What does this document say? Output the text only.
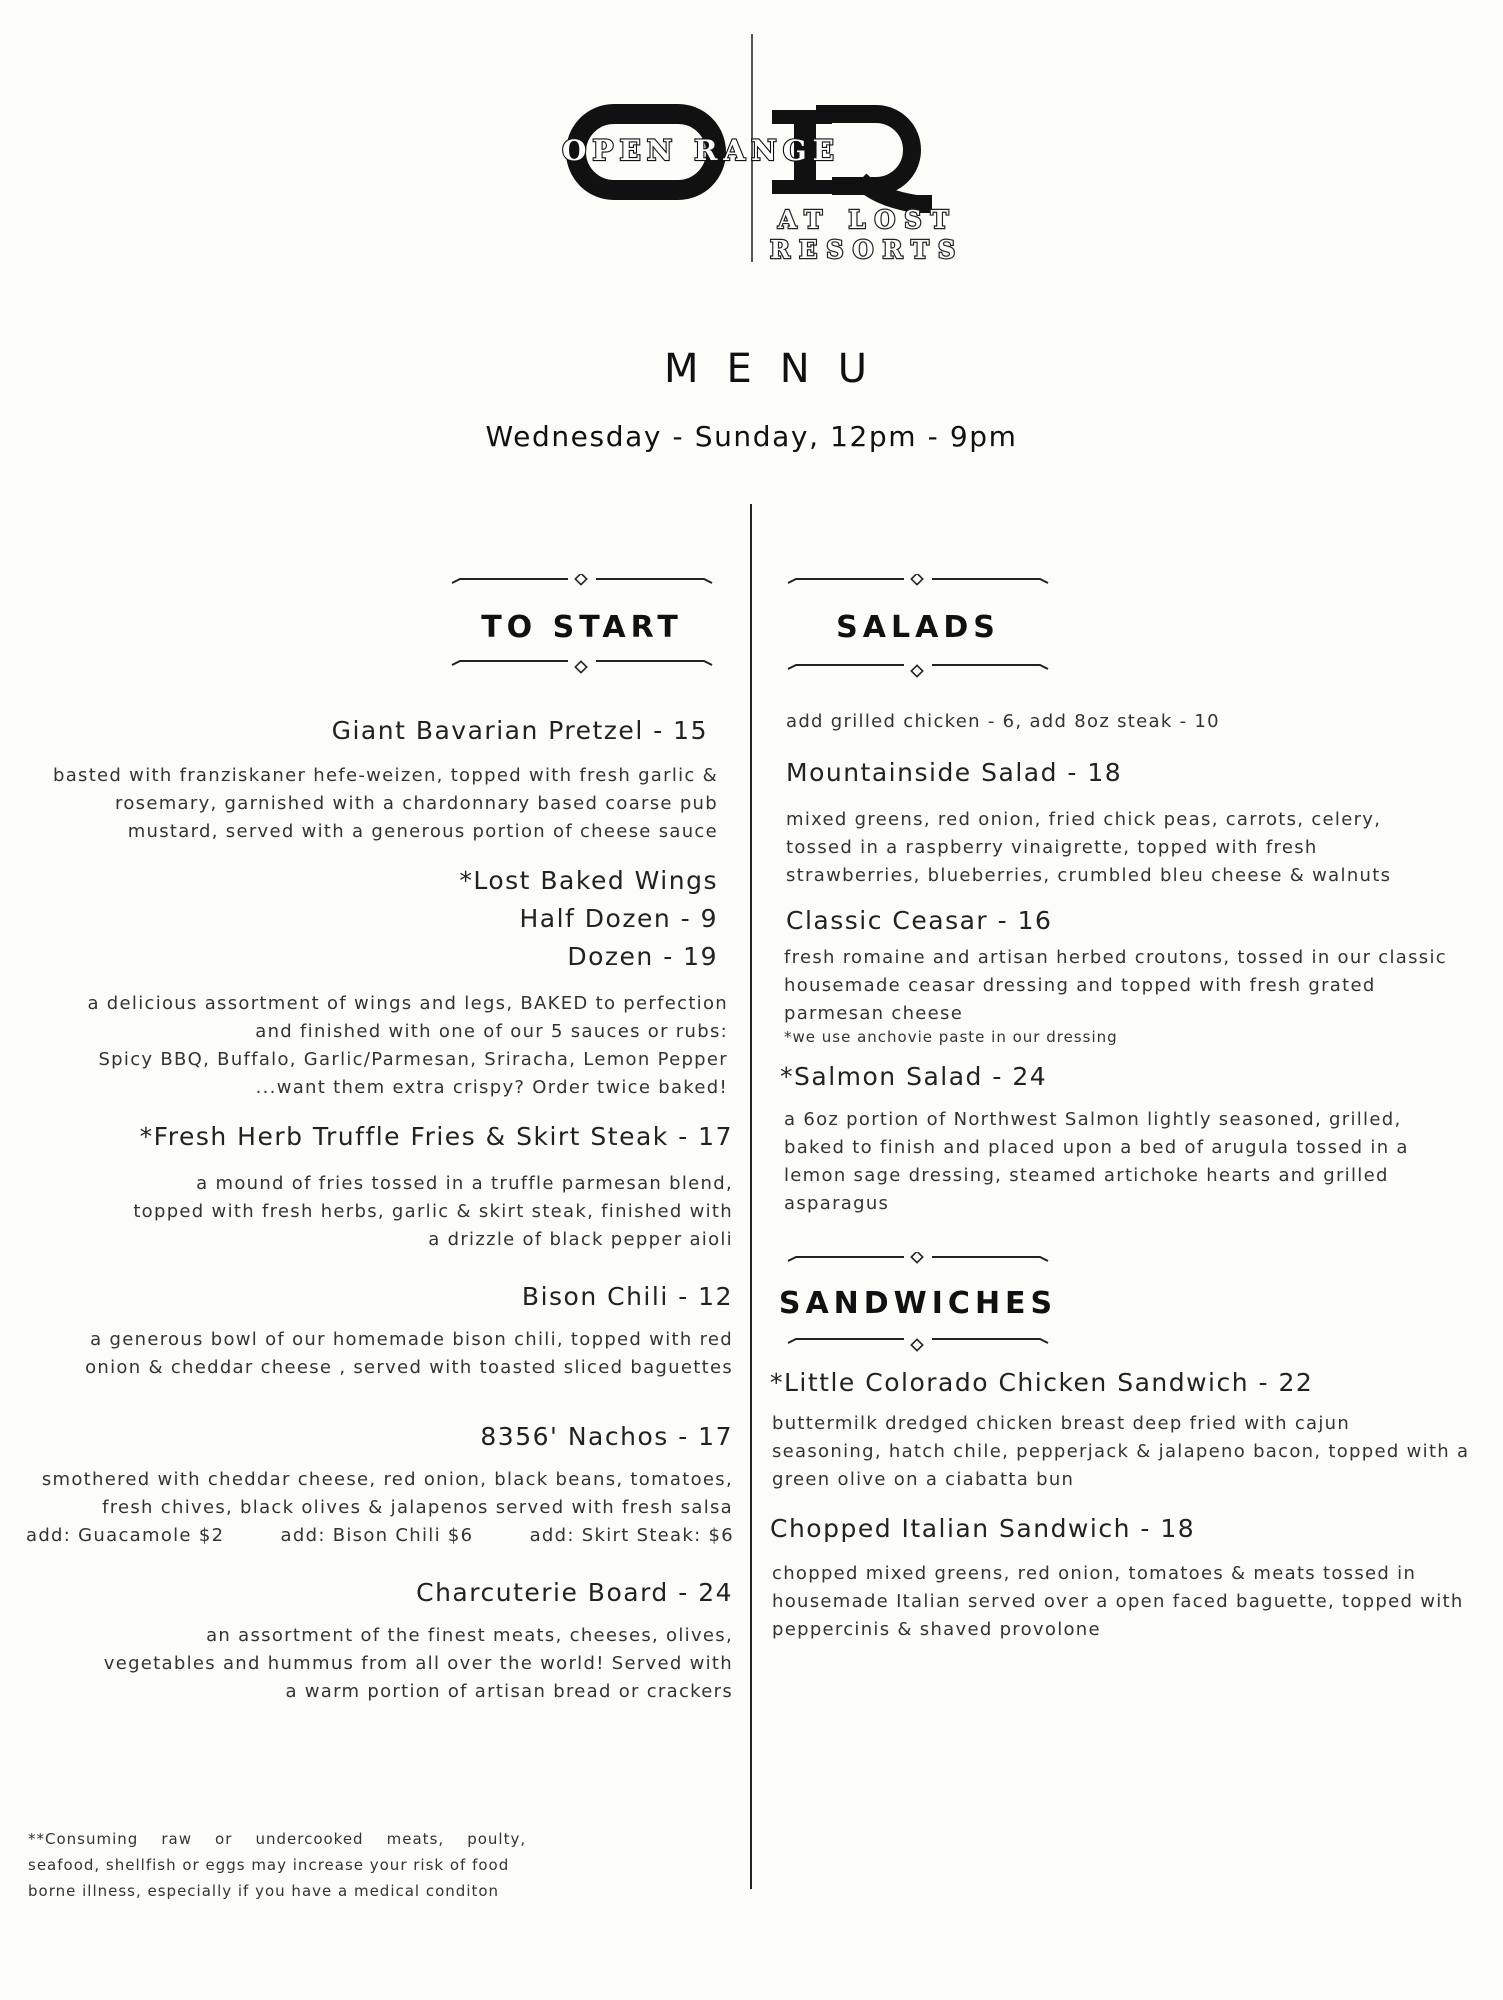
OPEN RANGE
AT LOST
RESORTS
MENU
Wednesday - Sunday, 12pm - 9pm
TO START
Giant Bavarian Pretzel - 15
basted with franziskaner hefe-weizen, topped with fresh garlic &
rosemary, garnished with a chardonnary based coarse pub
mustard, served with a generous portion of cheese sauce
*Lost Baked Wings
Half Dozen - 9
Dozen - 19
a delicious assortment of wings and legs, BAKED to perfection
and finished with one of our 5 sauces or rubs:
Spicy BBQ, Buffalo, Garlic/Parmesan, Sriracha, Lemon Pepper
...want them extra crispy? Order twice baked!
*Fresh Herb Truffle Fries & Skirt Steak - 17
a mound of fries tossed in a truffle parmesan blend,
topped with fresh herbs, garlic & skirt steak, finished with
a drizzle of black pepper aioli
Bison Chili - 12
a generous bowl of our homemade bison chili, topped with red
onion & cheddar cheese , served with toasted sliced baguettes
8356' Nachos - 17
smothered with cheddar cheese, red onion, black beans, tomatoes,
fresh chives, black olives & jalapenos served with fresh salsa
add: Guacamole $2	add: Bison Chili $6	add: Skirt Steak: $6
Charcuterie Board - 24
an assortment of the finest meats, cheeses, olives,
vegetables and hummus from all over the world! Served with
a warm portion of artisan bread or crackers
**Consuming    raw    or    undercooked    meats,    poulty,
seafood, shellfish or eggs may increase your risk of food
borne illness, especially if you have a medical conditon
SALADS
add grilled chicken - 6, add 8oz steak - 10
Mountainside Salad - 18
mixed greens, red onion, fried chick peas, carrots, celery,
tossed in a raspberry vinaigrette, topped with fresh
strawberries, blueberries, crumbled bleu cheese & walnuts
Classic Ceasar - 16
fresh romaine and artisan herbed croutons, tossed in our classic
housemade ceasar dressing and topped with fresh grated
parmesan cheese
*we use anchovie paste in our dressing
*Salmon Salad - 24
a 6oz portion of Northwest Salmon lightly seasoned, grilled,
baked to finish and placed upon a bed of arugula tossed in a
lemon sage dressing, steamed artichoke hearts and grilled
asparagus
SANDWICHES
*Little Colorado Chicken Sandwich - 22
buttermilk dredged chicken breast deep fried with cajun
seasoning, hatch chile, pepperjack & jalapeno bacon, topped with a
green olive on a ciabatta bun
Chopped Italian Sandwich - 18
chopped mixed greens, red onion, tomatoes & meats tossed in
housemade Italian served over a open faced baguette, topped with
peppercinis & shaved provolone
